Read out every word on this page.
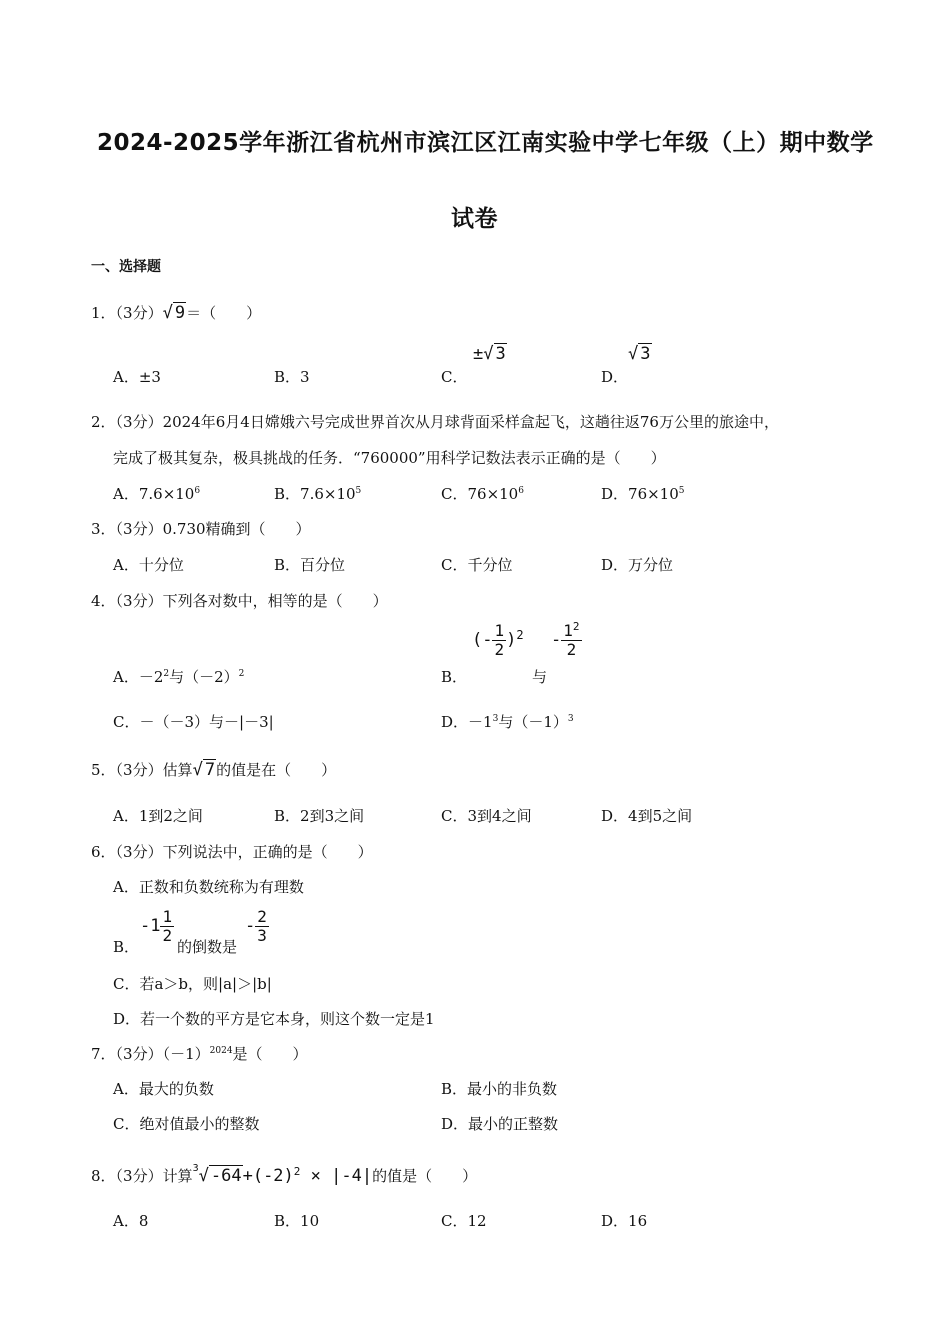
2024-2025学年浙江省杭州市滨江区江南实验中学七年级（上）期中数学
试卷
一、选择题
1．（3分）√ 9＝（　　）
A．±3	B．3	C．
±√ 3
D．
√ 3
2．（3分）2024年6月4日嫦娥六号完成世界首次从月球背面采样盒起飞，这趟往返76万公里的旅途中，
完成了极其复杂，极具挑战的任务．“760000”用科学记数法表示正确的是（　　）
A．$7.6\times 10^6$	B．$7.6\times 10^5$	C．$76\times 10^6$	D．$76\times 10^5$
3．（3分）0.730精确到（　　）
A．十分位	B．百分位	C．千分位	D．万分位
4．（3分）下列各对数中，相等的是（　　）
A．$-2^2$与$(-2)^2$	B．
(- $\frac{1}{2} )^2$
与
- $\frac{1^2}{2}$
C．－（－3）与－|－3|	D．$-1^3$与$(-1)^3$
5．（3分）估算√ 7的值是在（　　）
A．1到2之间	B．2到3之间	C．3到4之间	D．4到5之间
6．（3分）下列说法中，正确的是（　　）
A．正数和负数统称为有理数
B．
$-1 \frac{1}{2}$
的倒数是
- $\frac{2}{3}$
C．若a＞b，则|a|＞|b|
D．若一个数的平方是它本身，则这个数一定是1
7．（3分）$(-1)^{2024}$是（　　）
A．最大的负数	B．最小的非负数
C．绝对值最小的整数	D．最小的正整数
8．（3分）计算$^3$√ $-64+(-2)^2 \times |-4|$的值是（　　）
A．8	B．10	C．12	D．16
